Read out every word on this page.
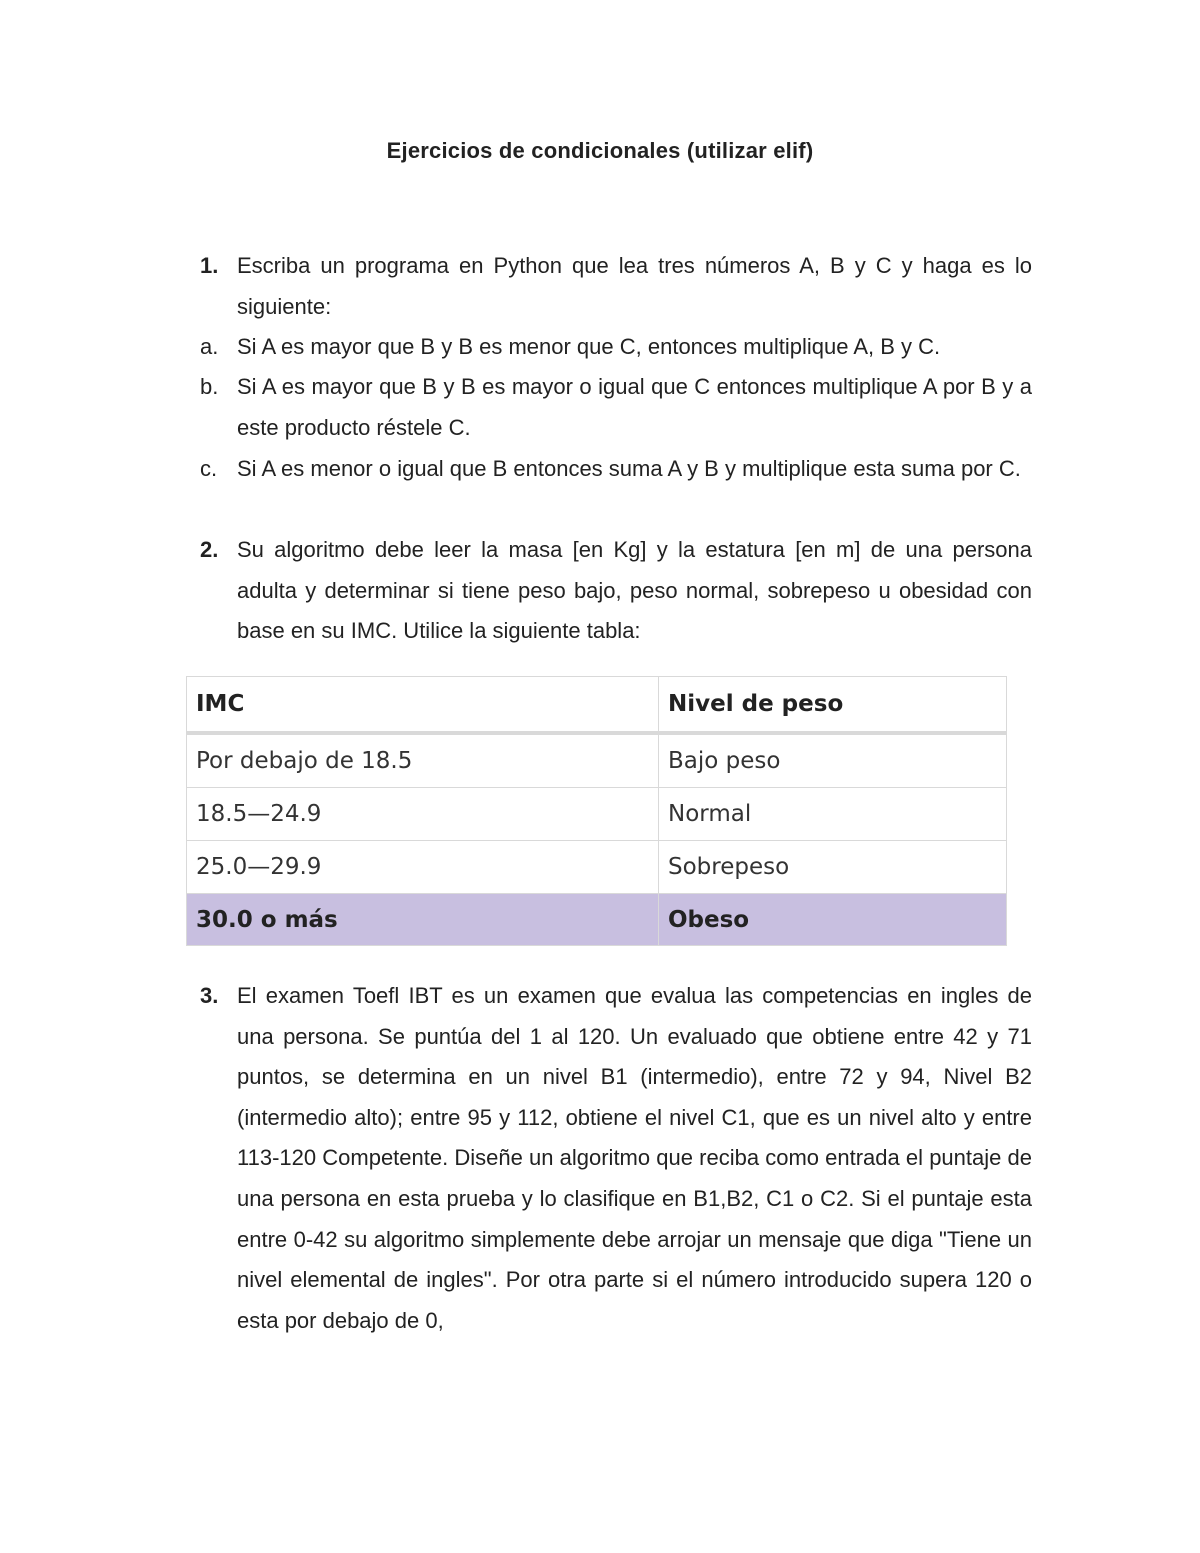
Ejercicios de condicionales (utilizar elif)
1. Escriba un programa en Python que lea tres números A, B y C y haga es lo siguiente:
a. Si A es mayor que B y B es menor que C, entonces multiplique A, B y C.
b. Si A es mayor que B y B es mayor o igual que C entonces multiplique A por B y a este producto réstele C.
c. Si A es menor o igual que B entonces suma A y B y multiplique esta suma por C.
2. Su algoritmo debe leer la masa [en Kg] y la estatura [en m] de una persona adulta y determinar si tiene peso bajo, peso normal, sobrepeso u obesidad con base en su IMC. Utilice la siguiente tabla:
IMC	Nivel de peso
Por debajo de 18.5	Bajo peso
18.5—24.9	Normal
25.0—29.9	Sobrepeso
30.0 o más	Obeso
3. El examen Toefl IBT es un examen que evalua las competencias en ingles de una persona. Se puntúa del 1 al 120. Un evaluado que obtiene entre 42 y 71 puntos, se determina en un nivel B1 (intermedio), entre 72 y 94, Nivel B2 (intermedio alto); entre 95 y 112, obtiene el nivel C1, que es un nivel alto y entre 113-120 Competente. Diseñe un algoritmo que reciba como entrada el puntaje de una persona en esta prueba y lo clasifique en B1,B2, C1 o C2. Si el puntaje esta entre 0-42 su algoritmo simplemente debe arrojar un mensaje que diga "Tiene un nivel elemental de ingles". Por otra parte si el número introducido supera 120 o esta por debajo de 0,
